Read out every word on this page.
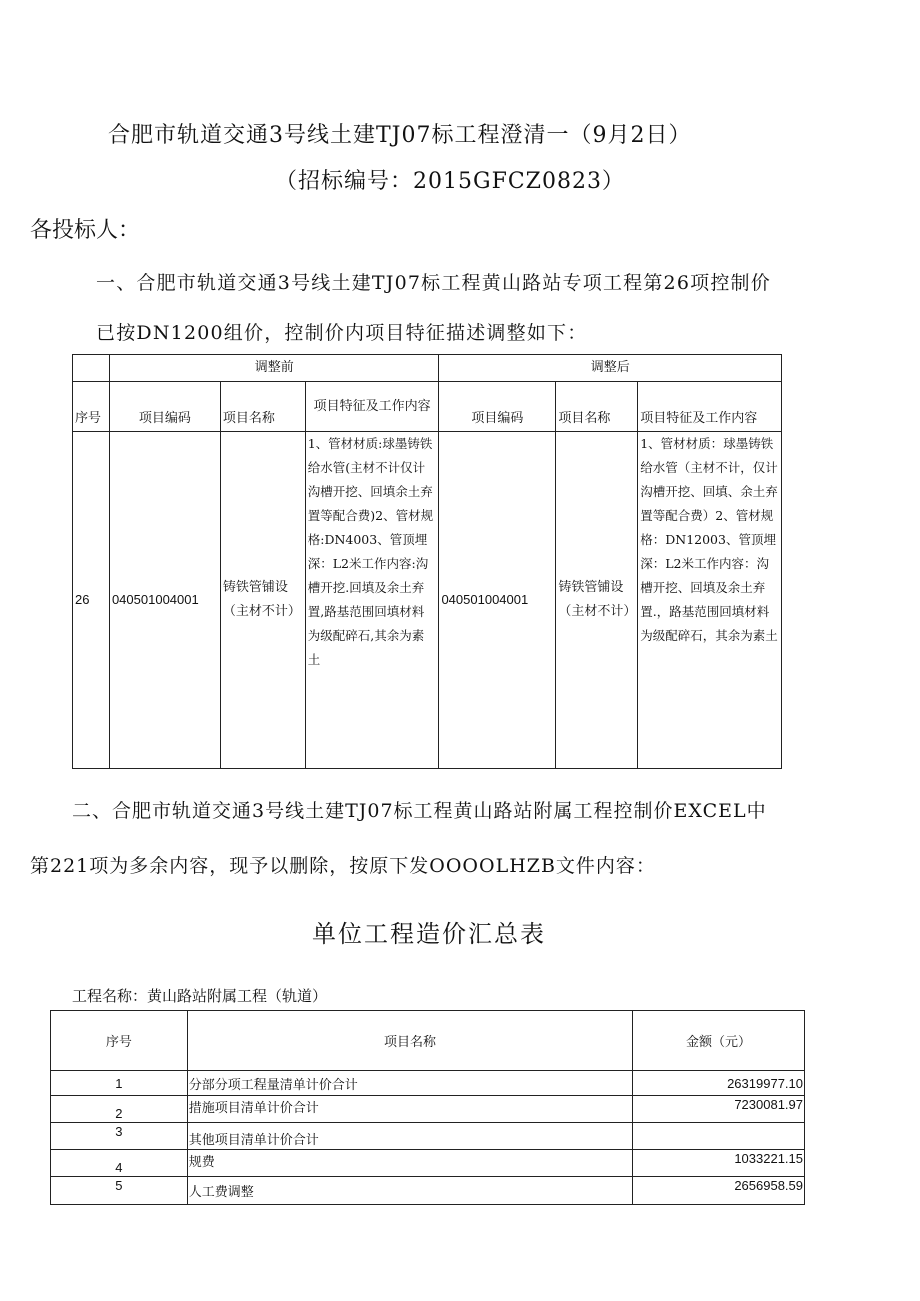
合肥市轨道交通3号线土建TJ07标工程澄清一（9月2日）
（招标编号：2015GFCZ0823）
各投标人：
一、合肥市轨道交通3号线土建TJ07标工程黄山路站专项工程第26项控制价
已按DN1200组价，控制价内项目特征描述调整如下：
	调整前			调整后		
序号	项目编码	项目名称	项目特征及工作内容	项目编码	项目名称	项目特征及工作内容
26	040501004001	铸铁管铺设（主材不计）	1、管材材质:球墨铸铁给水管(主材不计仅计沟槽开挖、回填余土弃置等配合费)2、管材规格:DN4003、管顶埋深：L2米工作内容:沟槽开挖.回填及余土弃置,路基范围回填材料为级配碎石,其余为素土	040501004001	铸铁管铺设（主材不计）	1、管材材质：球墨铸铁给水管（主材不计，仅计沟槽开挖、回填、余土弃置等配合费）2、管材规格：DN12003、管顶埋深：L2米工作内容：沟槽开挖、回填及余土弃置.，路基范围回填材料为级配碎石，其余为素土
二、合肥市轨道交通3号线土建TJ07标工程黄山路站附属工程控制价EXCEL中
第221项为多余内容，现予以删除，按原下发OOOOLHZB文件内容：
单位工程造价汇总表
工程名称：黄山路站附属工程（轨道）
序号	项目名称	金额（元）
1	分部分项工程量清单计价合计	26319977.10
2	措施项目清单计价合计	7230081.97
3	其他项目清单计价合计	
4	规费	1033221.15
5	人工费调整	2656958.59
